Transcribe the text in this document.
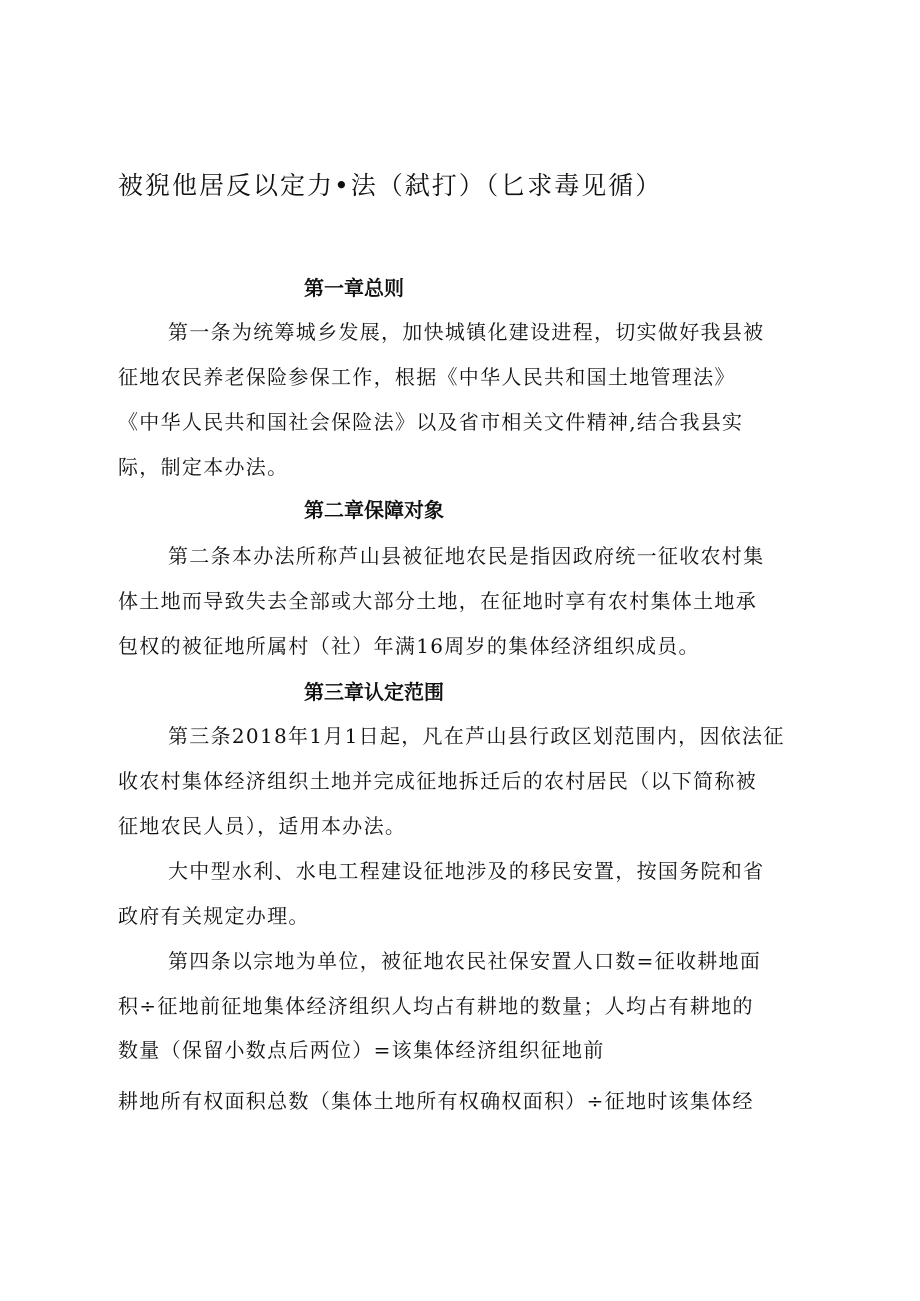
被猊他居反以定力•法（弑打）（匕求毒见循）
第一章总则
第一条为统筹城乡发展，加快城镇化建设进程，切实做好我县被
征地农民养老保险参保工作，根据《中华人民共和国土地管理法》
《中华人民共和国社会保险法》以及省市相关文件精神,结合我县实
际，制定本办法。
第二章保障对象
第二条本办法所称芦山县被征地农民是指因政府统一征收农村集
体土地而导致失去全部或大部分土地，在征地时享有农村集体土地承
包权的被征地所属村（社）年满16周岁的集体经济组织成员。
第三章认定范围
第三条2018年1月1日起，凡在芦山县行政区划范围内，因依法征
收农村集体经济组织土地并完成征地拆迁后的农村居民（以下简称被
征地农民人员），适用本办法。
大中型水利、水电工程建设征地涉及的移民安置，按国务院和省
政府有关规定办理。
第四条以宗地为单位，被征地农民社保安置人口数=征收耕地面
积÷征地前征地集体经济组织人均占有耕地的数量；人均占有耕地的
数量（保留小数点后两位）=该集体经济组织征地前
耕地所有权面积总数（集体土地所有权确权面积）÷征地时该集体经
